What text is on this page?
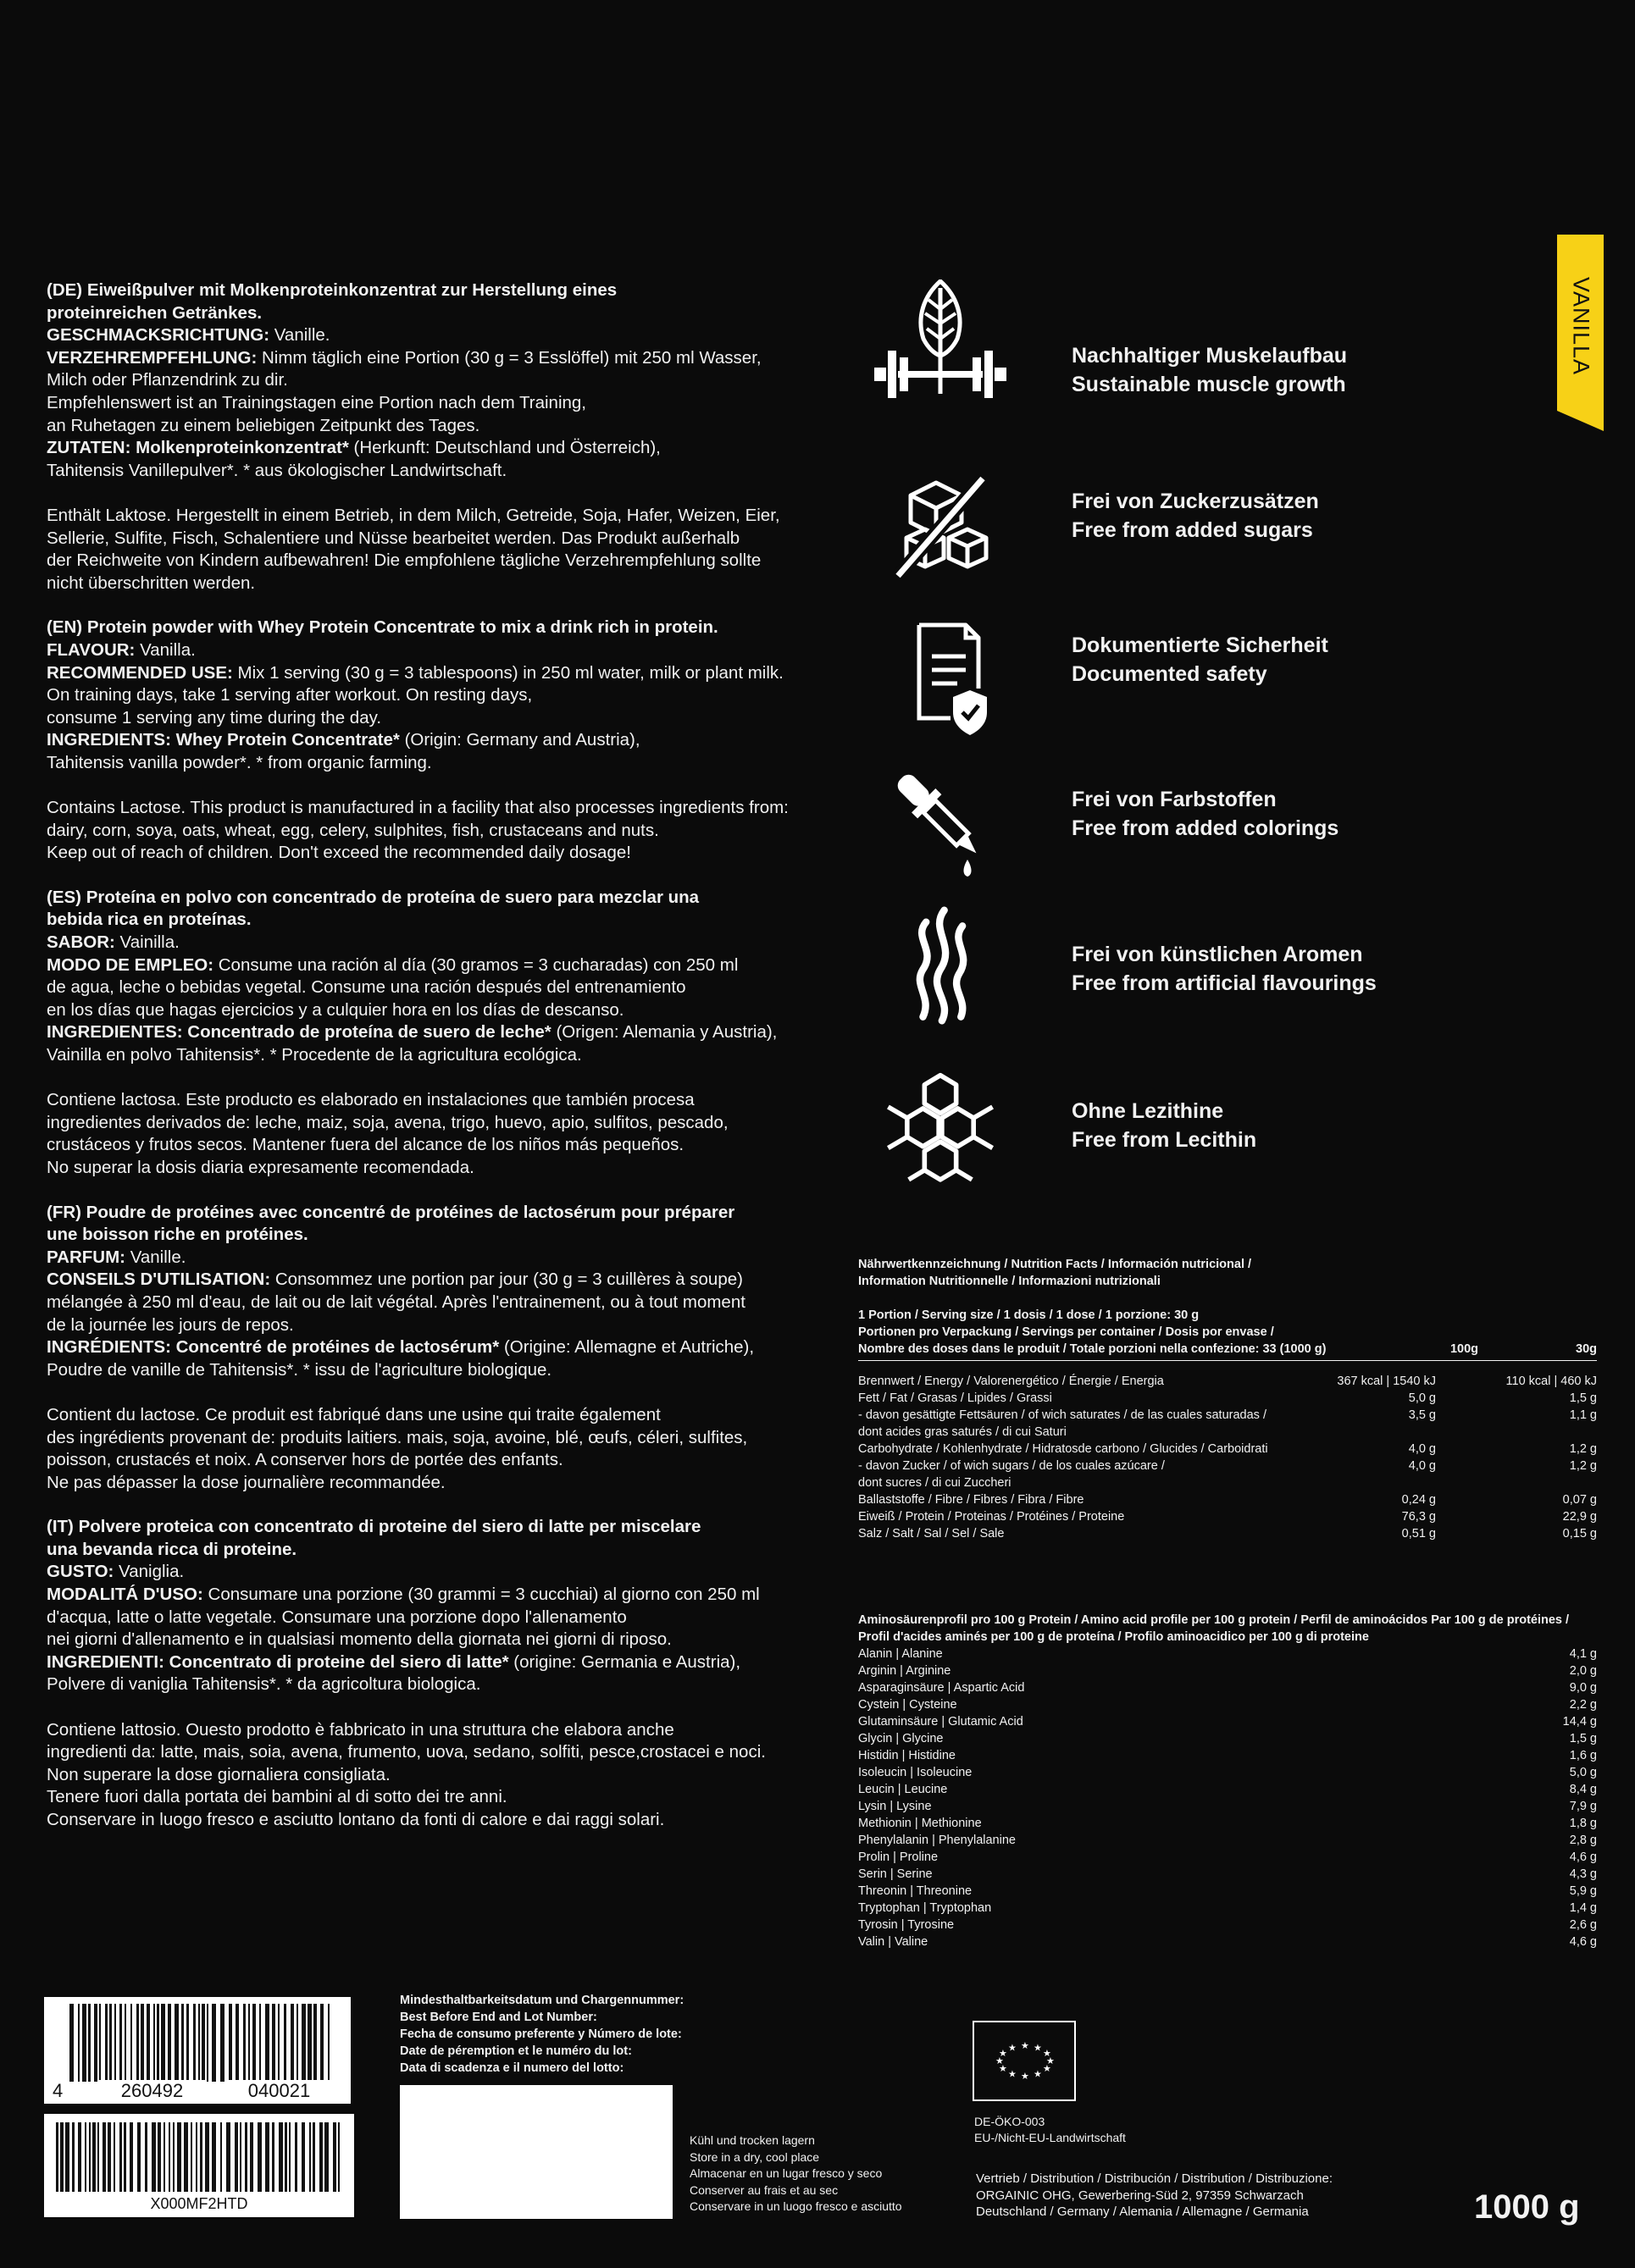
(DE) Eiweißpulver mit Molkenproteinkonzentrat zur Herstellung eines

proteinreichen Getränkes.

GESCHMACKSRICHTUNG: Vanille.

VERZEHREMPFEHLUNG: Nimm täglich eine Portion (30 g = 3 Esslöffel) mit 250 ml Wasser,

Milch oder Pflanzendrink zu dir.

Empfehlenswert ist an Trainingstagen eine Portion nach dem Training,

an Ruhetagen zu einem beliebigen Zeitpunkt des Tages.

ZUTATEN: Molkenproteinkonzentrat* (Herkunft: Deutschland und Österreich),

Tahitensis Vanillepulver*. * aus ökologischer Landwirtschaft.

Enthält Laktose. Hergestellt in einem Betrieb, in dem Milch, Getreide, Soja, Hafer, Weizen, Eier,

Sellerie, Sulfite, Fisch, Schalentiere und Nüsse bearbeitet werden. Das Produkt außerhalb

der Reichweite von Kindern aufbewahren! Die empfohlene tägliche Verzehrempfehlung sollte

nicht überschritten werden.

(EN) Protein powder with Whey Protein Concentrate to mix a drink rich in protein.

FLAVOUR: Vanilla.

RECOMMENDED USE: Mix 1 serving (30 g = 3 tablespoons) in 250 ml water, milk or plant milk.

On training days, take 1 serving after workout. On resting days,

consume 1 serving any time during the day.

INGREDIENTS: Whey Protein Concentrate* (Origin: Germany and Austria),

Tahitensis vanilla powder*. * from organic farming.

Contains Lactose. This product is manufactured in a facility that also processes ingredients from:

dairy, corn, soya, oats, wheat, egg, celery, sulphites, fish, crustaceans and nuts.

Keep out of reach of children. Don't exceed the recommended daily dosage!

(ES) Proteína en polvo con concentrado de proteína de suero para mezclar una

bebida rica en proteínas.

SABOR: Vainilla.

MODO DE EMPLEO: Consume una ración al día (30 gramos = 3 cucharadas) con 250 ml

de agua, leche o bebidas vegetal. Consume una ración después del entrenamiento

en los días que hagas ejercicios y a culquier hora en los días de descanso.

INGREDIENTES: Concentrado de proteína de suero de leche* (Origen: Alemania y Austria),

Vainilla en polvo Tahitensis*. * Procedente de la agricultura ecológica.

Contiene lactosa. Este producto es elaborado en instalaciones que también procesa

ingredientes derivados de: leche, maiz, soja, avena, trigo, huevo, apio, sulfitos, pescado,

crustáceos y frutos secos. Mantener fuera del alcance de los niños más pequeños.

No superar la dosis diaria expresamente recomendada.

(FR) Poudre de protéines avec concentré de protéines de lactosérum pour préparer

une boisson riche en protéines.

PARFUM: Vanille.

CONSEILS D'UTILISATION: Consommez une portion par jour (30 g = 3 cuillères à soupe)

mélangée à 250 ml d'eau, de lait ou de lait végétal. Après l'entrainement, ou à tout moment

de la journée les jours de repos.

INGRÉDIENTS: Concentré de protéines de lactosérum* (Origine: Allemagne et Autriche),

Poudre de vanille de Tahitensis*. * issu de l'agriculture biologique.

Contient du lactose. Ce produit est fabriqué dans une usine qui traite également

des ingrédients provenant de: produits laitiers. mais, soja, avoine, blé, œufs, céleri, sulfites,

poisson, crustacés et noix. A conserver hors de portée des enfants.

Ne pas dépasser la dose journalière recommandée.

(IT) Polvere proteica con concentrato di proteine del siero di latte per miscelare

una bevanda ricca di proteine.

GUSTO: Vaniglia.

MODALITÁ D'USO: Consumare una porzione (30 grammi = 3 cucchiai) al giorno con 250 ml

d'acqua, latte o latte vegetale. Consumare una porzione dopo l'allenamento

nei giorni d'allenamento e in qualsiasi momento della giornata nei giorni di riposo.

INGREDIENTI: Concentrato di proteine del siero di latte* (origine: Germania e Austria),

Polvere di vaniglia Tahitensis*. * da agricoltura biologica.

Contiene lattosio. Ouesto prodotto è fabbricato in una struttura che elabora anche

ingredienti da: latte, mais, soia, avena, frumento, uova, sedano, solfiti, pesce,crostacei e noci.

Non superare la dose giornaliera consigliata.

Tenere fuori dalla portata dei bambini al di sotto dei tre anni.

Conservare in luogo fresco e asciutto lontano da fonti di calore e dai raggi solari.

VANILLA
Nachhaltiger Muskelaufbau
Sustainable muscle growth
Frei von Zuckerzusätzen
Free from added sugars
Dokumentierte Sicherheit
Documented safety
Frei von Farbstoffen
Free from added colorings
Frei von künstlichen Aromen
Free from artificial flavourings
Ohne Lezithine
Free from Lecithin
Nährwertkennzeichnung / Nutrition Facts / Información nutricional /
Information Nutritionnelle / Informazioni nutrizionali
1 Portion / Serving size / 1 dosis / 1 dose / 1 porzione: 30 g
Portionen pro Verpackung / Servings per container / Dosis por envase /
Nombre des doses dans le produit / Totale porzioni nella confezione: 33 (1000 g)	100g	30g
Brennwert / Energy / Valorenergético / Énergie / Energia	367 kcal | 1540 kJ	110 kcal | 460 kJ
Fett / Fat / Grasas / Lipides / Grassi	5,0 g	1,5 g
- davon gesättigte Fettsäuren / of wich saturates / de las cuales saturadas /	3,5 g	1,1 g
dont acides gras saturés / di cui Saturi
Carbohydrate / Kohlenhydrate / Hidratosde carbono / Glucides / Carboidrati	4,0 g	1,2 g
- davon Zucker / of wich sugars / de los cuales azúcare /	4,0 g	1,2 g
dont sucres / di cui Zuccheri
Ballaststoffe / Fibre / Fibres / Fibra / Fibre	0,24 g	0,07 g
Eiweiß / Protein / Proteinas / Protéines / Proteine	76,3 g	22,9 g
Salz / Salt / Sal / Sel / Sale	0,51 g	0,15 g
Aminosäurenprofil pro 100 g Protein / Amino acid profile per 100 g protein / Perfil de aminoácidos Par 100 g de protéines /
Profil d'acides aminés per 100 g de proteína / Profilo aminoacidico per 100 g di proteine
Alanin | Alanine	4,1 g
Arginin | Arginine	2,0 g
Asparaginsäure | Aspartic Acid	9,0 g
Cystein | Cysteine	2,2 g
Glutaminsäure | Glutamic Acid	14,4 g
Glycin | Glycine	1,5 g
Histidin | Histidine	1,6 g
Isoleucin | Isoleucine	5,0 g
Leucin | Leucine	8,4 g
Lysin | Lysine	7,9 g
Methionin | Methionine	1,8 g
Phenylalanin | Phenylalanine	2,8 g
Prolin | Proline	4,6 g
Serin | Serine	4,3 g
Threonin | Threonine	5,9 g
Tryptophan | Tryptophan	1,4 g
Tyrosin | Tyrosine	2,6 g
Valin | Valine	4,6 g
4	260492	040021
X000MF2HTD
Mindesthaltbarkeitsdatum und Chargennummer:
Best Before End and Lot Number:
Fecha de consumo preferente y Número de lote:
Date de péremption et le numéro du lot:
Data di scadenza e il numero del lotto:
Kühl und trocken lagern
Store in a dry, cool place
Almacenar en un lugar fresco y seco
Conserver au frais et au sec
Conservare in un luogo fresco e asciutto
★
★
★
★
★
★
★
★
★ ★ ★
★
DE-ÖKO-003
EU-/Nicht-EU-Landwirtschaft
Vertrieb / Distribution / Distribución / Distribution / Distribuzione:
ORGAINIC OHG, Gewerbering-Süd 2, 97359 Schwarzach
Deutschland / Germany / Alemania / Allemagne / Germania	1000 g
